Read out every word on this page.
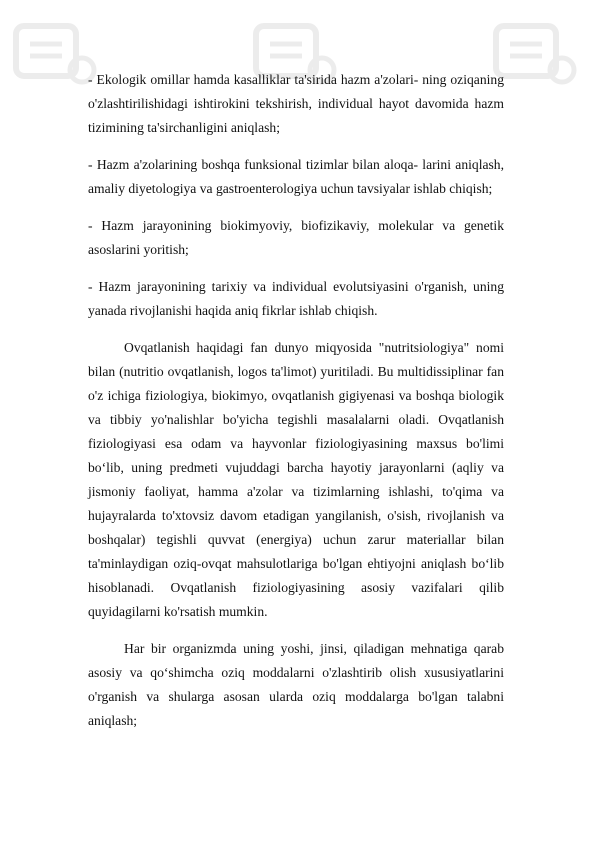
- Ekologik omillar hamda kasalliklar ta'sirida hazm a'zolari- ning oziqaning o'zlashtirilishidagi ishtirokini tekshirish, individual hayot davomida hazm tizimining ta'sirchanligini aniqlash;

- Hazm a'zolarining boshqa funksional tizimlar bilan aloqa- larini aniqlash, amaliy diyetologiya va gastroenterologiya uchun tavsiyalar ishlab chiqish;

- Hazm jarayonining biokimyoviy, biofizikaviy, molekular va genetik asoslarini yoritish;

- Hazm jarayonining tarixiy va individual evolutsiyasini o'rganish, uning yanada rivojlanishi haqida aniq fikrlar ishlab chiqish.

Ovqatlanish haqidagi fan dunyo miqyosida "nutritsiologiya" nomi bilan (nutritio ovqatlanish, logos ta'limot) yuritiladi. Bu multidissiplinar fan o'z ichiga fiziologiya, biokimyo, ovqatlanish gigiyenasi va boshqa biologik va tibbiy yo'nalishlar bo'yicha tegishli masalalarni oladi. Ovqatlanish fiziologiyasi esa odam va hayvonlar fiziologiyasining maxsus bo'limi bo‘lib, uning predmeti vujuddagi barcha hayotiy jarayonlarni (aqliy va jismoniy faoliyat, hamma a'zolar va tizimlarning ishlashi, to'qima va hujayralarda to'xtovsiz davom etadigan yangilanish, o'sish, rivojlanish va boshqalar) tegishli quvvat (energiya) uchun zarur materiallar bilan ta'minlaydigan oziq-ovqat mahsulotlariga bo'lgan ehtiyojni aniqlash bo‘lib hisoblanadi. Ovqatlanish fiziologiyasining asosiy vazifalari qilib quyidagilarni ko'rsatish mumkin.

Har bir organizmda uning yoshi, jinsi, qiladigan mehnatiga qarab asosiy va qo‘shimcha oziq moddalarni o'zlashtirib olish xususiyatlarini o'rganish va shularga asosan ularda oziq moddalarga bo'lgan talabni aniqlash;
